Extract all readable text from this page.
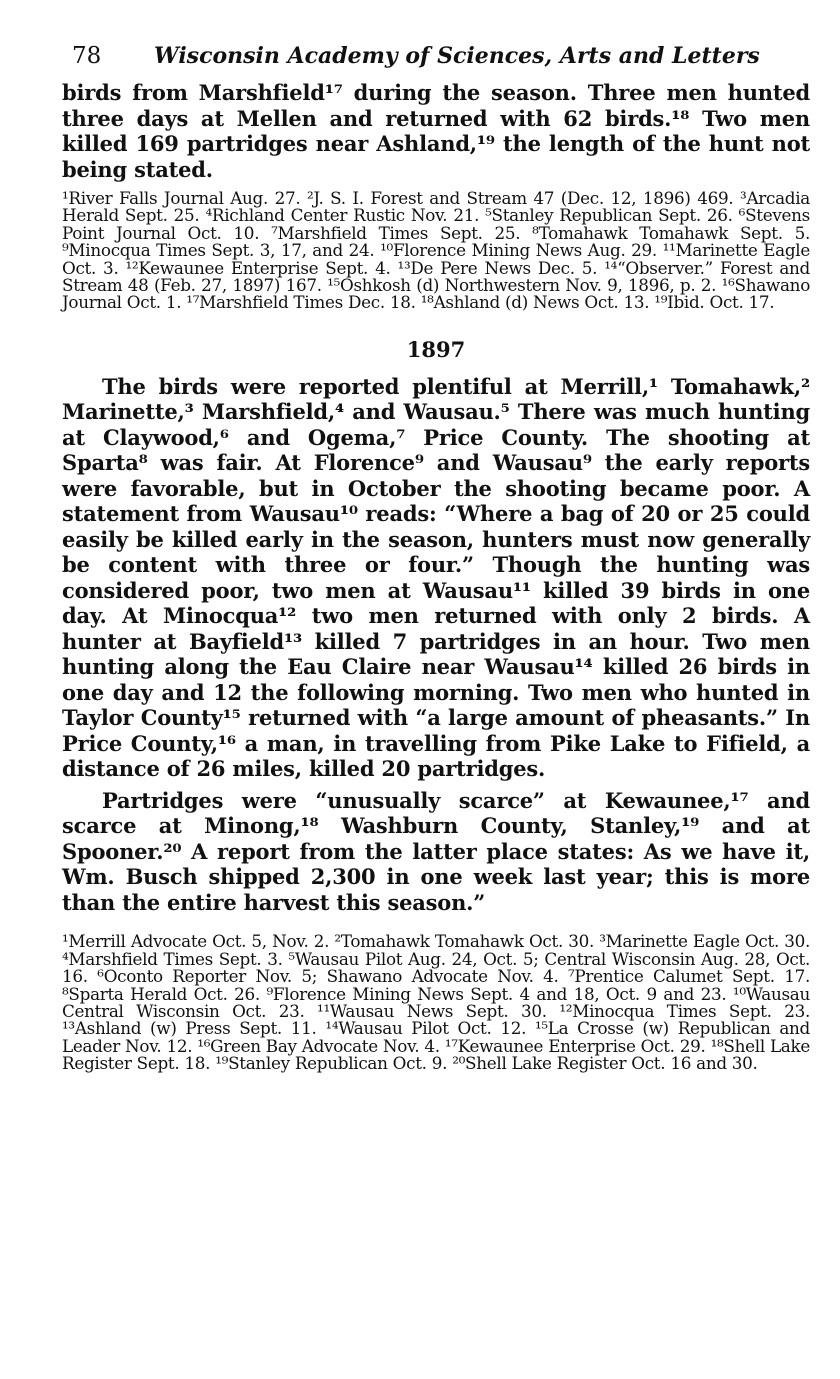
78	Wisconsin Academy of Sciences, Arts and Letters

birds from Marshfield¹⁷ during the season. Three men hunted three days at Mellen and returned with 62 birds.¹⁸ Two men killed 169 partridges near Ashland,¹⁹ the length of the hunt not being stated.

¹River Falls Journal Aug. 27. ²J. S. I. Forest and Stream 47 (Dec. 12, 1896) 469. ³Arcadia Herald Sept. 25. ⁴Richland Center Rustic Nov. 21. ⁵Stanley Republican Sept. 26. ⁶Stevens Point Journal Oct. 10. ⁷Marshfield Times Sept. 25. ⁸Tomahawk Tomahawk Sept. 5. ⁹Minocqua Times Sept. 3, 17, and 24. ¹⁰Florence Mining News Aug. 29. ¹¹Marinette Eagle Oct. 3. ¹²Kewaunee Enterprise Sept. 4. ¹³De Pere News Dec. 5. ¹⁴“Observer.” Forest and Stream 48 (Feb. 27, 1897) 167. ¹⁵Oshkosh (d) Northwestern Nov. 9, 1896, p. 2. ¹⁶Shawano Journal Oct. 1. ¹⁷Marshfield Times Dec. 18. ¹⁸Ashland (d) News Oct. 13. ¹⁹Ibid. Oct. 17.

1897

The birds were reported plentiful at Merrill,¹ Tomahawk,² Marinette,³ Marshfield,⁴ and Wausau.⁵ There was much hunting at Claywood,⁶ and Ogema,⁷ Price County. The shooting at Sparta⁸ was fair. At Florence⁹ and Wausau⁹ the early reports were favorable, but in October the shooting became poor. A statement from Wausau¹⁰ reads: “Where a bag of 20 or 25 could easily be killed early in the season, hunters must now generally be content with three or four.” Though the hunting was considered poor, two men at Wausau¹¹ killed 39 birds in one day. At Minocqua¹² two men returned with only 2 birds. A hunter at Bayfield¹³ killed 7 partridges in an hour. Two men hunting along the Eau Claire near Wausau¹⁴ killed 26 birds in one day and 12 the following morning. Two men who hunted in Taylor County¹⁵ returned with “a large amount of pheasants.” In Price County,¹⁶ a man, in travelling from Pike Lake to Fifield, a distance of 26 miles, killed 20 partridges.

Partridges were “unusually scarce” at Kewaunee,¹⁷ and scarce at Minong,¹⁸ Washburn County, Stanley,¹⁹ and at Spooner.²⁰ A report from the latter place states: As we have it, Wm. Busch shipped 2,300 in one week last year; this is more than the entire harvest this season.”

¹Merrill Advocate Oct. 5, Nov. 2. ²Tomahawk Tomahawk Oct. 30. ³Marinette Eagle Oct. 30. ⁴Marshfield Times Sept. 3. ⁵Wausau Pilot Aug. 24, Oct. 5; Central Wisconsin Aug. 28, Oct. 16. ⁶Oconto Reporter Nov. 5; Shawano Advocate Nov. 4. ⁷Prentice Calumet Sept. 17. ⁸Sparta Herald Oct. 26. ⁹Florence Mining News Sept. 4 and 18, Oct. 9 and 23. ¹⁰Wausau Central Wisconsin Oct. 23. ¹¹Wausau News Sept. 30. ¹²Minocqua Times Sept. 23. ¹³Ashland (w) Press Sept. 11. ¹⁴Wausau Pilot Oct. 12. ¹⁵La Crosse (w) Republican and Leader Nov. 12. ¹⁶Green Bay Advocate Nov. 4. ¹⁷Kewaunee Enterprise Oct. 29. ¹⁸Shell Lake Register Sept. 18. ¹⁹Stanley Republican Oct. 9. ²⁰Shell Lake Register Oct. 16 and 30.
